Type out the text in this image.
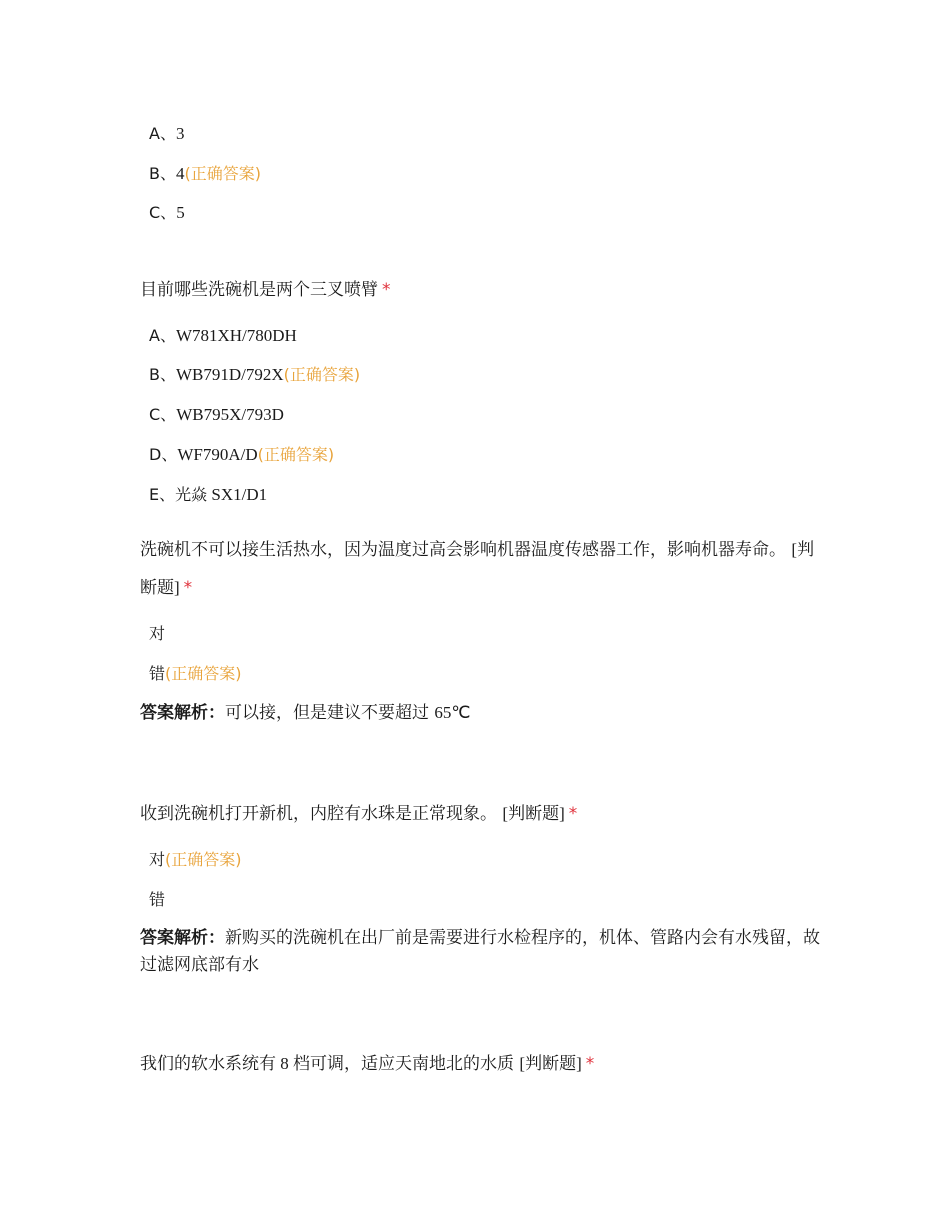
A、3
B、4(正确答案)
C、5
目前哪些洗碗机是两个三叉喷臂 *
A、W781XH/780DH
B、WB791D/792X(正确答案)
C、WB795X/793D
D、WF790A/D(正确答案)
E、光焱 SX1/D1
洗碗机不可以接生活热水，因为温度过高会影响机器温度传感器工作，影响机器寿命。 [判断题] *
对
错(正确答案)
答案解析：可以接，但是建议不要超过 65℃
收到洗碗机打开新机，内腔有水珠是正常现象。 [判断题] *
对(正确答案)
错
答案解析：新购买的洗碗机在出厂前是需要进行水检程序的，机体、管路内会有水残留，故过滤网底部有水
我们的软水系统有 8 档可调，适应天南地北的水质 [判断题] *
